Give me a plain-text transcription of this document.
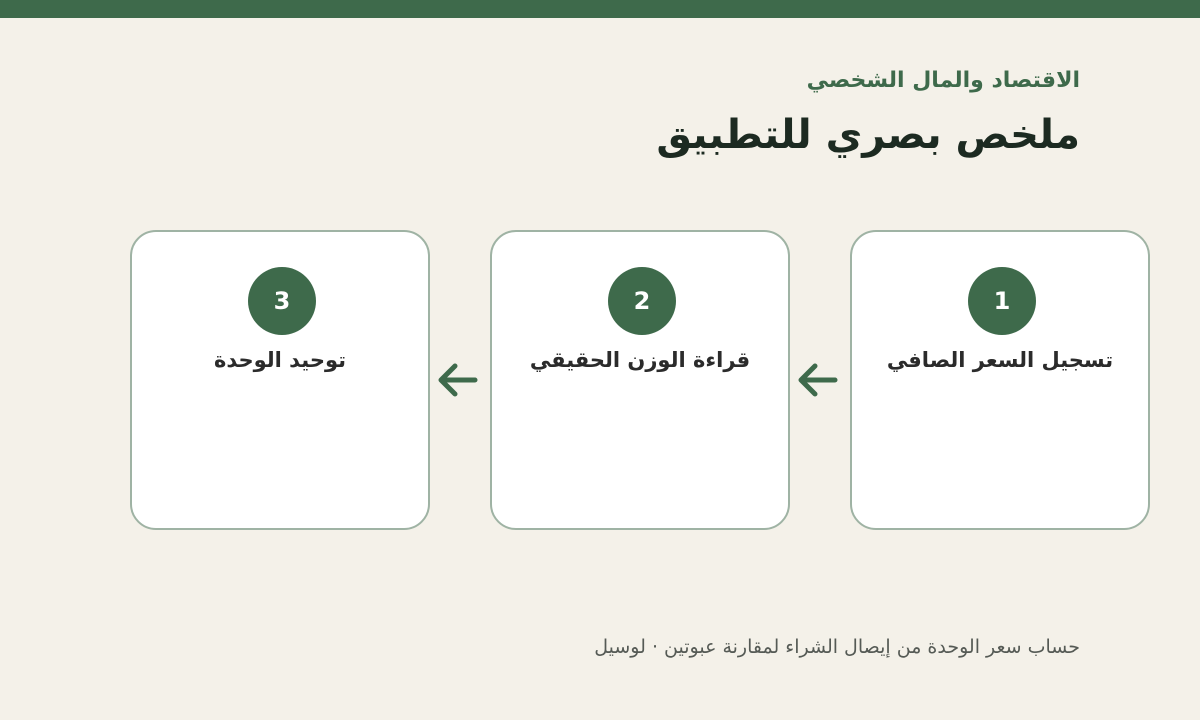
الاقتصاد والمال الشخصي
ملخص بصري للتطبيق
1
تسجيل السعر الصافي
2
قراءة الوزن الحقيقي
3
توحيد الوحدة
حساب سعر الوحدة من إيصال الشراء لمقارنة عبوتين · لوسيل
